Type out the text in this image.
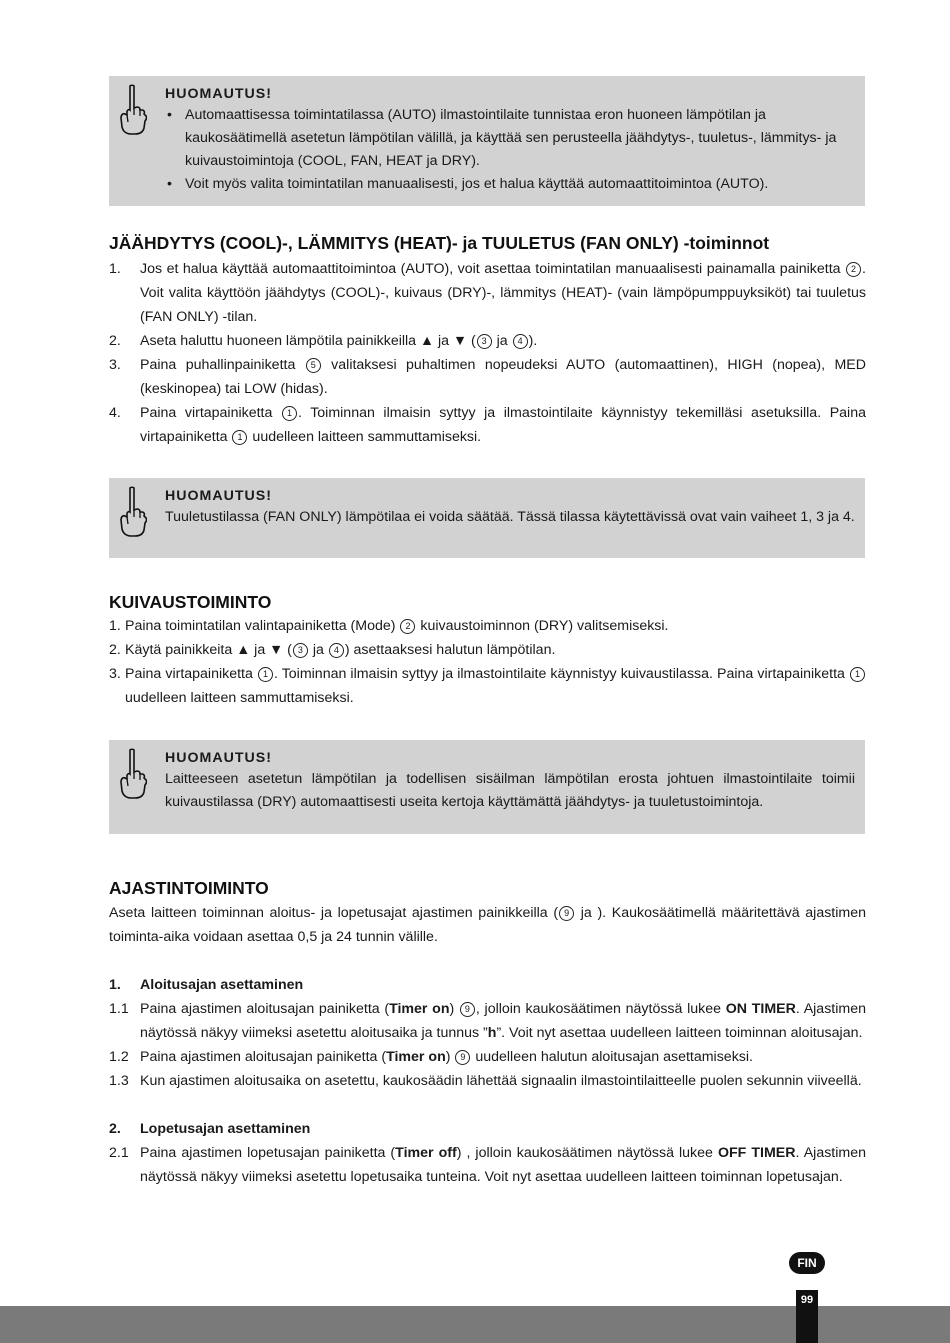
HUOMAUTUS!
• Automaattisessa toimintatilassa (AUTO) ilmastointilaite tunnistaa eron huoneen lämpötilan ja kaukosäätimellä asetetun lämpötilan välillä, ja käyttää sen perusteella jäähdytys-, tuuletus-, lämmitys- ja kuivaustoimintoja (COOL, FAN, HEAT ja DRY).
• Voit myös valita toimintatilan manuaalisesti, jos et halua käyttää automaattitoimintoa (AUTO).
JÄÄHDYTYS (COOL)-, LÄMMITYS (HEAT)- ja TUULETUS (FAN ONLY) -toiminnot
1. Jos et halua käyttää automaattitoimintoa (AUTO), voit asettaa toimintatilan manuaalisesti painamalla painiketta 2 . Voit valita käyttöön jäähdytys (COOL)-, kuivaus (DRY)-, lämmitys (HEAT)- (vain lämpöpumppuyksiköt) tai tuuletus (FAN ONLY) -tilan.
2. Aseta haluttu huoneen lämpötila painikkeilla ▲ ja ▼ ( 3 ja 4 ).
3. Paina puhallinpainiketta 5 valitaksesi puhaltimen nopeudeksi AUTO (automaattinen), HIGH (nopea), MED (keskinopea) tai LOW (hidas).
4. Paina virtapainiketta 1 . Toiminnan ilmaisin syttyy ja ilmastointilaite käynnistyy tekemilläsi asetuksilla. Paina virtapainiketta 1 uudelleen laitteen sammuttamiseksi.
HUOMAUTUS!

Tuuletustilassa (FAN ONLY) lämpötilaa ei voida säätää. Tässä tilassa käytettävissä ovat vain vaiheet 1, 3 ja 4.

KUIVAUSTOIMINTO
1. Paina toimintatilan valintapainiketta (Mode) 2 kuivaustoiminnon (DRY) valitsemiseksi.
2. Käytä painikkeita ▲ ja ▼ ( 3 ja 4 ) asettaaksesi halutun lämpötilan.
3. Paina virtapainiketta 1 . Toiminnan ilmaisin syttyy ja ilmastointilaite käynnistyy kuivaustilassa. Paina virtapainiketta 1 uudelleen laitteen sammuttamiseksi.
HUOMAUTUS!

Laitteeseen asetetun lämpötilan ja todellisen sisäilman lämpötilan erosta johtuen ilmastointilaite toimii kuivaustilassa (DRY) automaattisesti useita kertoja käyttämättä jäähdytys- ja tuuletustoimintoja.

AJASTINTOIMINTO

Aseta laitteen toiminnan aloitus- ja lopetusajat ajastimen painikkeilla ( 9 ja ). Kaukosäätimellä määritettävä ajastimen toiminta-aika voidaan asettaa 0,5 ja 24 tunnin välille.

1. Aloitusajan asettaminen
1.1 Paina ajastimen aloitusajan painiketta (Timer on) 9 , jolloin kaukosäätimen näytössä lukee ON TIMER. Ajastimen näytössä näkyy viimeksi asetettu aloitusaika ja tunnus ”h”. Voit nyt asettaa uudelleen laitteen toiminnan aloitusajan.
1.2 Paina ajastimen aloitusajan painiketta (Timer on) 9 uudelleen halutun aloitusajan asettamiseksi.
1.3 Kun ajastimen aloitusaika on asetettu, kaukosäädin lähettää signaalin ilmastointilaitteelle puolen sekunnin viiveellä.
2. Lopetusajan asettaminen
2.1 Paina ajastimen lopetusajan painiketta (Timer off) , jolloin kaukosäätimen näytössä lukee OFF TIMER. Ajastimen näytössä näkyy viimeksi asetettu lopetusaika tunteina. Voit nyt asettaa uudelleen laitteen toiminnan lopetusajan.
FIN
99
